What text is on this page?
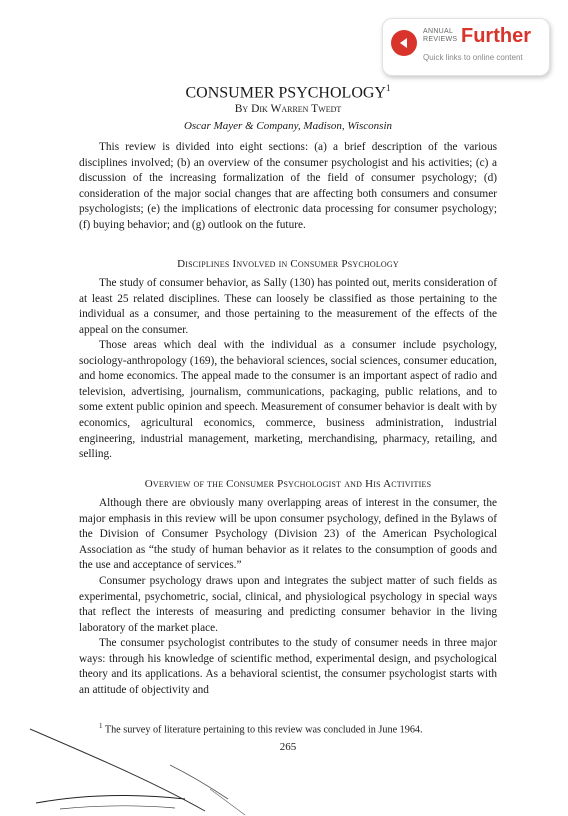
ANNUAL
REVIEWS Further
Quick links to online content
CONSUMER PSYCHOLOGY$^1$
By Dik Warren Twedt
Oscar Mayer & Company, Madison, Wisconsin

This review is divided into eight sections: (a) a brief description of the various disciplines involved; (b) an overview of the consumer psychologist and his activities; (c) a discussion of the increasing formalization of the field of consumer psychology; (d) consideration of the major social changes that are affecting both consumers and consumer psychologists; (e) the implications of electronic data processing for consumer psychology; (f) buying behavior; and (g) outlook on the future.

Disciplines Involved in Consumer Psychology

The study of consumer behavior, as Sally (130) has pointed out, merits consideration of at least 25 related disciplines. These can loosely be classified as those pertaining to the individual as a consumer, and those pertaining to the measurement of the effects of the appeal on the consumer.

Those areas which deal with the individual as a consumer include psychology, sociology-anthropology (169), the behavioral sciences, social sciences, consumer education, and home economics. The appeal made to the consumer is an important aspect of radio and television, advertising, journalism, communications, packaging, public relations, and to some extent public opinion and speech. Measurement of consumer behavior is dealt with by economics, agricultural economics, commerce, business administration, industrial engineering, industrial management, marketing, merchandising, pharmacy, retailing, and selling.

Overview of the Consumer Psychologist and His Activities

Although there are obviously many overlapping areas of interest in the consumer, the major emphasis in this review will be upon consumer psychology, defined in the Bylaws of the Division of Consumer Psychology (Division 23) of the American Psychological Association as “the study of human behavior as it relates to the consumption of goods and the use and acceptance of services.”

Consumer psychology draws upon and integrates the subject matter of such fields as experimental, psychometric, social, clinical, and physiological psychology in special ways that reflect the interests of measuring and predicting consumer behavior in the living laboratory of the market place.

The consumer psychologist contributes to the study of consumer needs in three major ways: through his knowledge of scientific method, experimental design, and psychological theory and its applications. As a behavioral scientist, the consumer psychologist starts with an attitude of objectivity and

$^1$ The survey of literature pertaining to this review was concluded in June 1964.
265
